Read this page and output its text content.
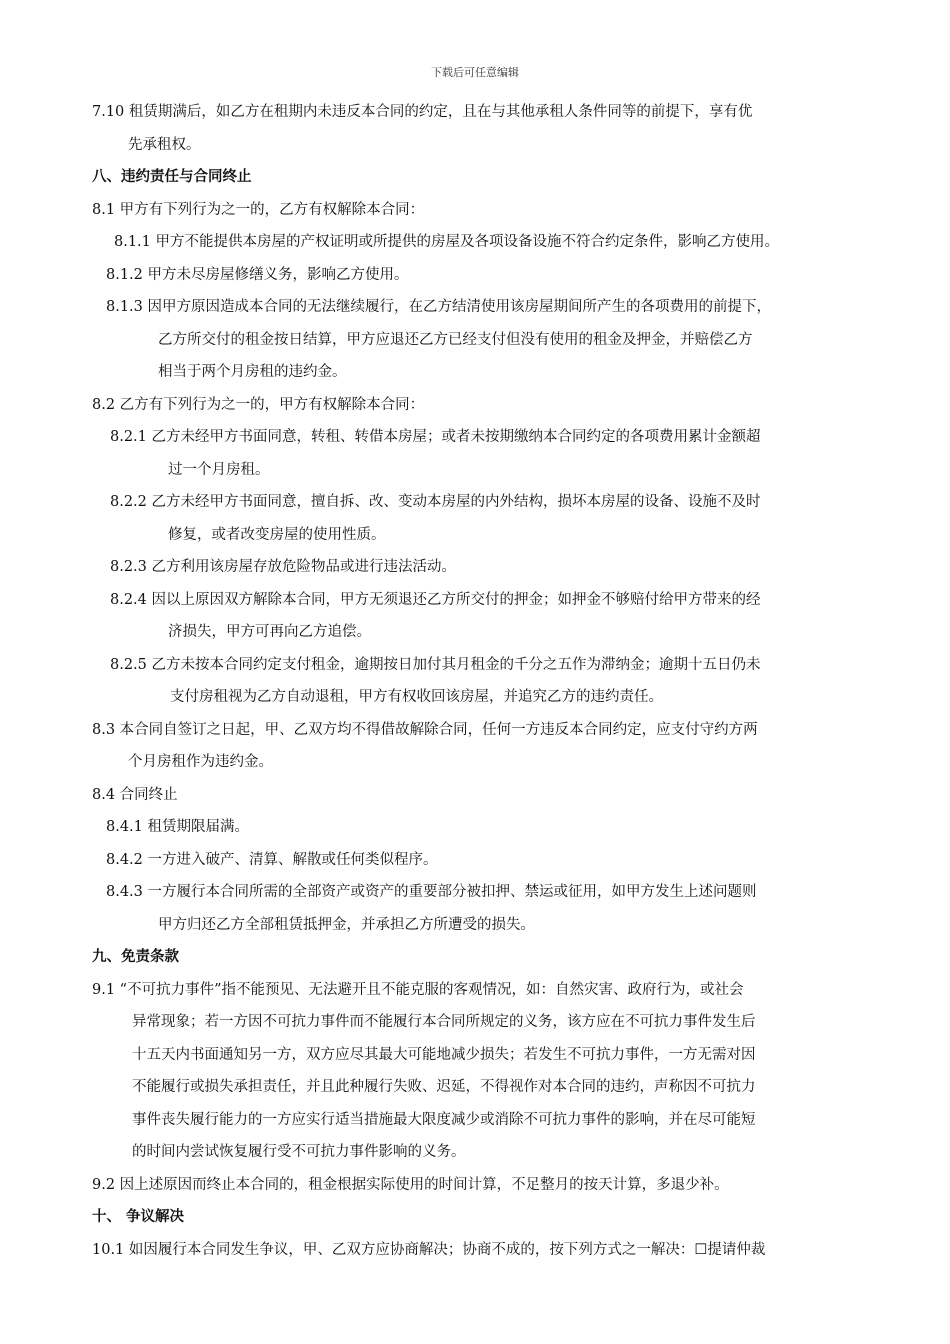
下载后可任意编辑
7.10 租赁期满后，如乙方在租期内未违反本合同的约定，且在与其他承租人条件同等的前提下，享有优
先承租权。
八、违约责任与合同终止
8.1 甲方有下列行为之一的，乙方有权解除本合同：
8.1.1 甲方不能提供本房屋的产权证明或所提供的房屋及各项设备设施不符合约定条件，影响乙方使用。
8.1.2 甲方未尽房屋修缮义务，影响乙方使用。
8.1.3 因甲方原因造成本合同的无法继续履行，在乙方结清使用该房屋期间所产生的各项费用的前提下，
乙方所交付的租金按日结算，甲方应退还乙方已经支付但没有使用的租金及押金，并赔偿乙方
相当于两个月房租的违约金。
8.2 乙方有下列行为之一的，甲方有权解除本合同：
8.2.1 乙方未经甲方书面同意，转租、转借本房屋；或者未按期缴纳本合同约定的各项费用累计金额超
过一个月房租。
8.2.2 乙方未经甲方书面同意，擅自拆、改、变动本房屋的内外结构，损坏本房屋的设备、设施不及时
修复，或者改变房屋的使用性质。
8.2.3 乙方利用该房屋存放危险物品或进行违法活动。
8.2.4 因以上原因双方解除本合同，甲方无须退还乙方所交付的押金；如押金不够赔付给甲方带来的经
济损失，甲方可再向乙方追偿。
8.2.5 乙方未按本合同约定支付租金，逾期按日加付其月租金的千分之五作为滞纳金；逾期十五日仍未
支付房租视为乙方自动退租，甲方有权收回该房屋，并追究乙方的违约责任。
8.3 本合同自签订之日起，甲、乙双方均不得借故解除合同，任何一方违反本合同约定，应支付守约方两
个月房租作为违约金。
8.4 合同终止
8.4.1 租赁期限届满。
8.4.2 一方进入破产、清算、解散或任何类似程序。
8.4.3 一方履行本合同所需的全部资产或资产的重要部分被扣押、禁运或征用，如甲方发生上述问题则
甲方归还乙方全部租赁抵押金，并承担乙方所遭受的损失。
九、免责条款
9.1 “不可抗力事件”指不能预见、无法避开且不能克服的客观情况，如：自然灾害、政府行为，或社会
异常现象；若一方因不可抗力事件而不能履行本合同所规定的义务，该方应在不可抗力事件发生后
十五天内书面通知另一方，双方应尽其最大可能地减少损失；若发生不可抗力事件，一方无需对因
不能履行或损失承担责任，并且此种履行失败、迟延，不得视作对本合同的违约，声称因不可抗力
事件丧失履行能力的一方应实行适当措施最大限度减少或消除不可抗力事件的影响，并在尽可能短
的时间内尝试恢复履行受不可抗力事件影响的义务。
9.2 因上述原因而终止本合同的，租金根据实际使用的时间计算，不足整月的按天计算，多退少补。
十、 争议解决
10.1 如因履行本合同发生争议，甲、乙双方应协商解决；协商不成的，按下列方式之一解决：☐提请仲裁
